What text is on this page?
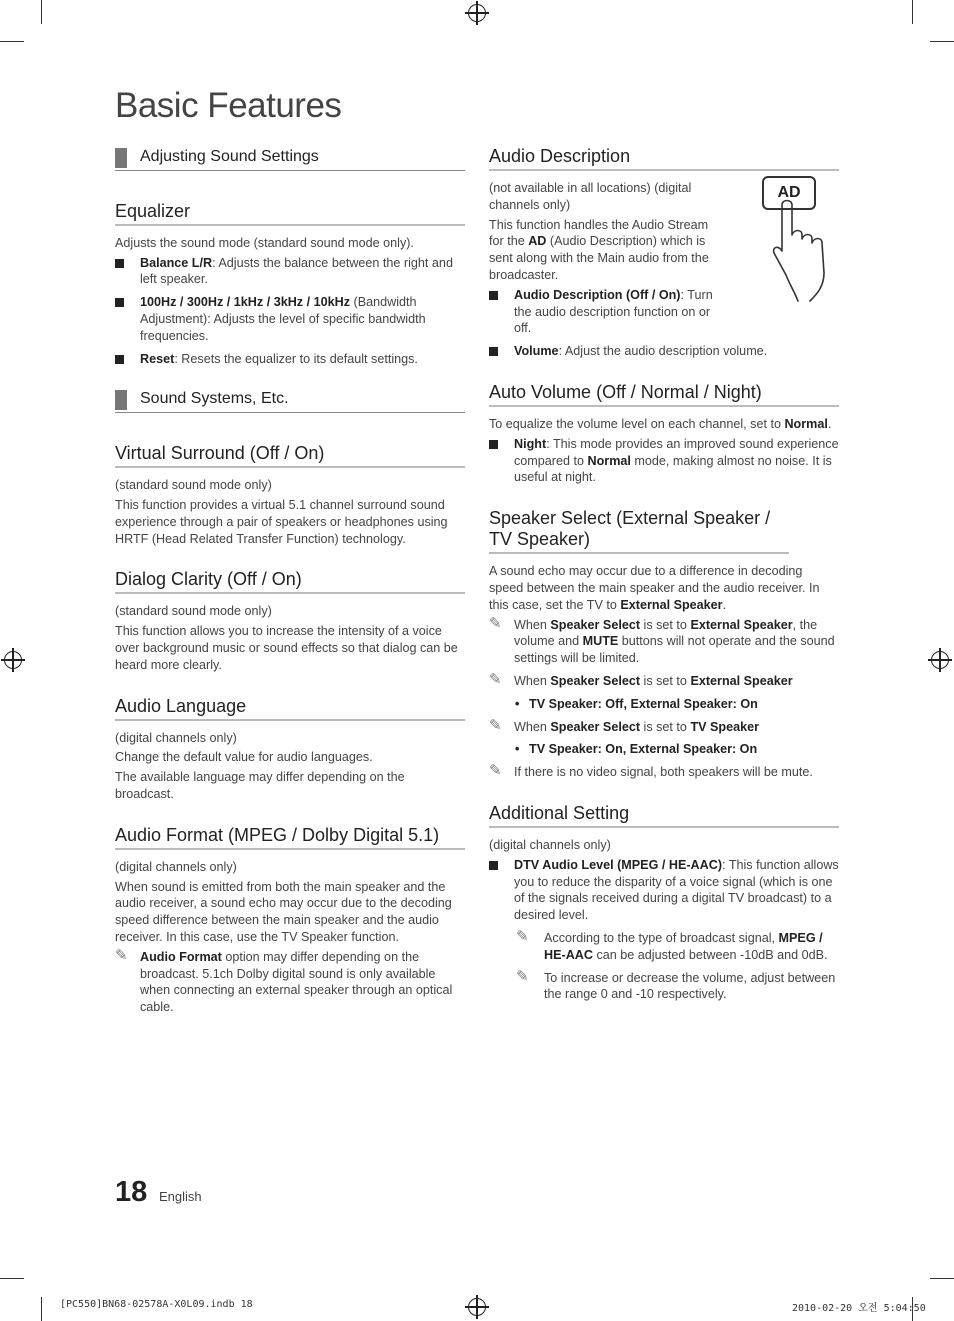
Basic Features
Adjusting Sound Settings
Equalizer

Adjusts the sound mode (standard sound mode only).

Balance L/R: Adjusts the balance between the right and left speaker.

100Hz / 300Hz / 1kHz / 3kHz / 10kHz (Bandwidth Adjustment): Adjusts the level of specific bandwidth frequencies.

Reset: Resets the equalizer to its default settings.

Sound Systems, Etc.
Virtual Surround (Off / On)

(standard sound mode only)

This function provides a virtual 5.1 channel surround sound experience through a pair of speakers or headphones using HRTF (Head Related Transfer Function) technology.

Dialog Clarity (Off / On)

(standard sound mode only)

This function allows you to increase the intensity of a voice over background music or sound effects so that dialog can be heard more clearly.

Audio Language

(digital channels only)

Change the default value for audio languages.

The available language may differ depending on the broadcast.

Audio Format (MPEG / Dolby Digital 5.1)

(digital channels only)

When sound is emitted from both the main speaker and the audio receiver, a sound echo may occur due to the decoding speed difference between the main speaker and the audio receiver. In this case, use the TV Speaker function.

✎ Audio Format option may differ depending on the broadcast. 5.1ch Dolby digital sound is only available when connecting an external speaker through an optical cable.

Audio Description

(not available in all locations) (digital channels only)

This function handles the Audio Stream for the AD (Audio Description) which is sent along with the Main audio from the broadcaster.

Audio Description (Off / On): Turn the audio description function on or off.

Volume: Adjust the audio description volume.

Auto Volume (Off / Normal / Night)

To equalize the volume level on each channel, set to Normal.

Night: This mode provides an improved sound experience compared to Normal mode, making almost no noise. It is useful at night.

Speaker Select (External Speaker / TV Speaker)

A sound echo may occur due to a difference in decoding speed between the main speaker and the audio receiver. In this case, set the TV to External Speaker.

✎ When Speaker Select is set to External Speaker, the volume and MUTE buttons will not operate and the sound settings will be limited.

✎ When Speaker Select is set to External Speaker

• TV Speaker: Off, External Speaker: On

✎ When Speaker Select is set to TV Speaker

• TV Speaker: On, External Speaker: On

✎ If there is no video signal, both speakers will be mute.

Additional Setting

(digital channels only)

DTV Audio Level (MPEG / HE-AAC): This function allows you to reduce the disparity of a voice signal (which is one of the signals received during a digital TV broadcast) to a desired level.

✎ According to the type of broadcast signal, MPEG / HE-AAC can be adjusted between -10dB and 0dB.

✎ To increase or decrease the volume, adjust between the range 0 and -10 respectively.

AD
18 English
[PC550]BN68-02578A-X0L09.indb 18	2010-02-20 오전 5:04:50
